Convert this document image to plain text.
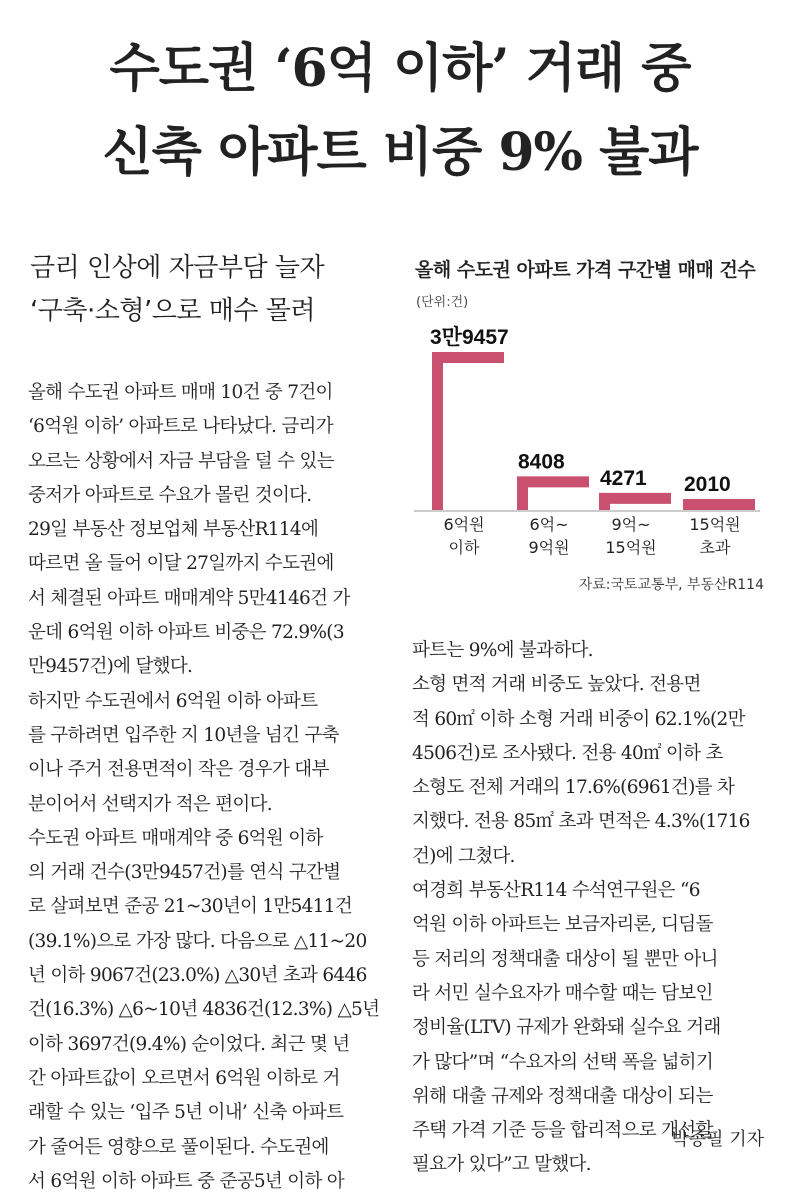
수도권 ‘6억 이하’ 거래 중
신축 아파트 비중 9% 불과
금리 인상에 자금부담 늘자
‘구축·소형’으로 매수 몰려
올해 수도권 아파트 가격 구간별 매매 건수
(단위:건)
3만9457
6억원
이하
8408
6억~
9억원
4271
9억~
15억원
2010
15억원
초과
자료:국토교통부, 부동산R114
올해 수도권 아파트 매매 10건 중 7건이
‘6억원 이하’ 아파트로 나타났다. 금리가
오르는 상황에서 자금 부담을 덜 수 있는
중저가 아파트로 수요가 몰린 것이다.
29일 부동산 정보업체 부동산R114에
따르면 올 들어 이달 27일까지 수도권에
서 체결된 아파트 매매계약 5만4146건 가
운데 6억원 이하 아파트 비중은 72.9%(3
만9457건)에 달했다.
하지만 수도권에서 6억원 이하 아파트
를 구하려면 입주한 지 10년을 넘긴 구축
이나 주거 전용면적이 작은 경우가 대부
분이어서 선택지가 적은 편이다.
수도권 아파트 매매계약 중 6억원 이하
의 거래 건수(3만9457건)를 연식 구간별
로 살펴보면 준공 21~30년이 1만5411건
(39.1%)으로 가장 많다. 다음으로 △11~20
년 이하 9067건(23.0%) △30년 초과 6446
건(16.3%) △6~10년 4836건(12.3%) △5년
이하 3697건(9.4%) 순이었다. 최근 몇 년
간 아파트값이 오르면서 6억원 이하로 거
래할 수 있는 ‘입주 5년 이내’ 신축 아파트
가 줄어든 영향으로 풀이된다. 수도권에
서 6억원 이하 아파트 중 준공5년 이하 아
파트는 9%에 불과하다.
소형 면적 거래 비중도 높았다. 전용면
적 60㎡ 이하 소형 거래 비중이 62.1%(2만
4506건)로 조사됐다. 전용 40㎡ 이하 초
소형도 전체 거래의 17.6%(6961건)를 차
지했다. 전용 85㎡ 초과 면적은 4.3%(1716
건)에 그쳤다.
여경희 부동산R114 수석연구원은 “6
억원 이하 아파트는 보금자리론, 디딤돌
등 저리의 정책대출 대상이 될 뿐만 아니
라 서민 실수요자가 매수할 때는 담보인
정비율(LTV) 규제가 완화돼 실수요 거래
가 많다”며 “수요자의 선택 폭을 넓히기
위해 대출 규제와 정책대출 대상이 되는
주택 가격 기준 등을 합리적으로 개선할
필요가 있다”고 말했다.
박종필 기자
